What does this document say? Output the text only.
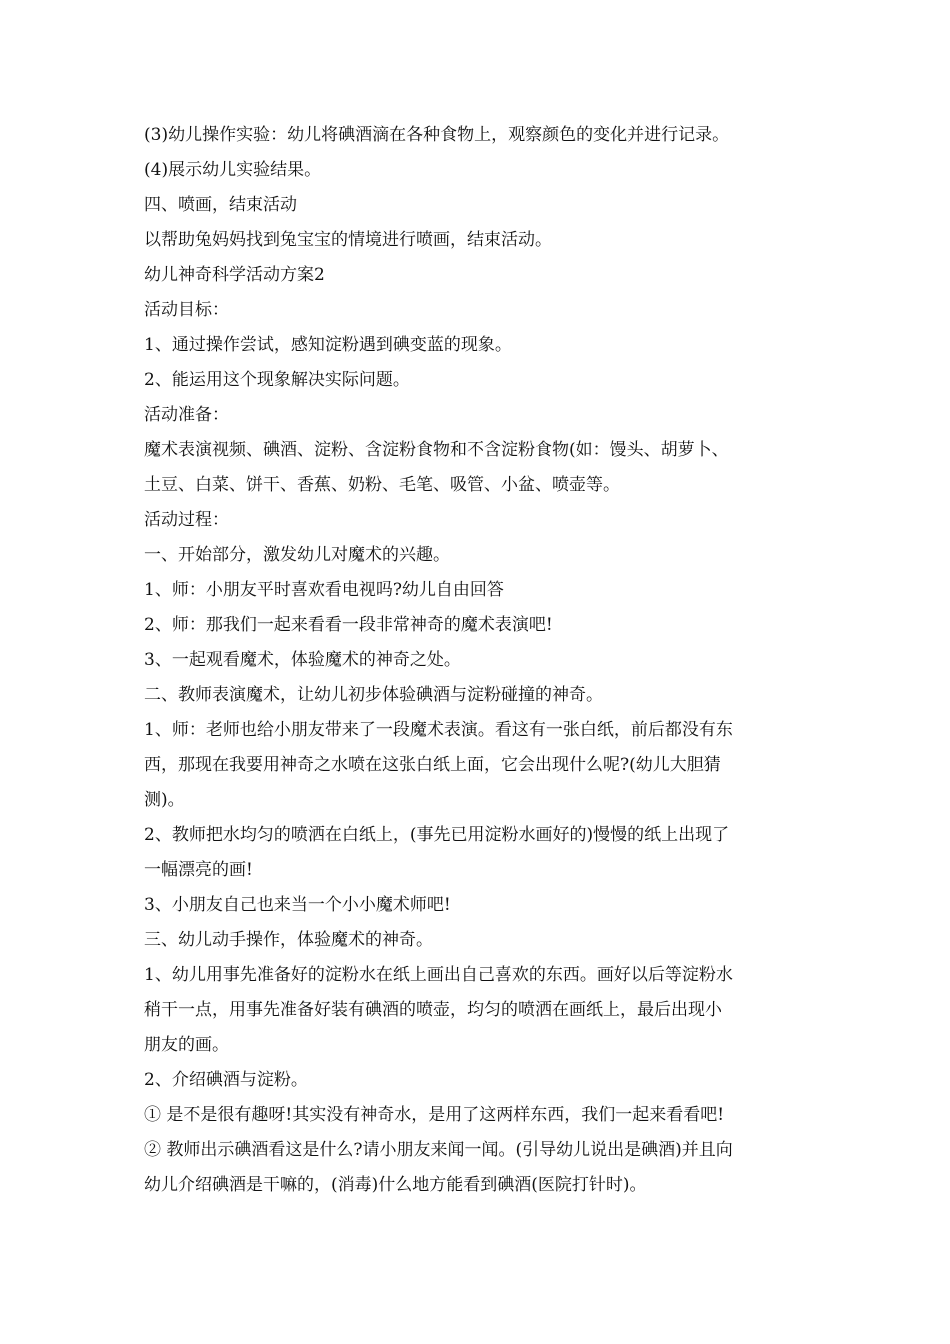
(3)幼儿操作实验：幼儿将碘酒滴在各种食物上，观察颜色的变化并进行记录。
(4)展示幼儿实验结果。
四、喷画，结束活动
以帮助兔妈妈找到兔宝宝的情境进行喷画，结束活动。
幼儿神奇科学活动方案2
活动目标：
1、通过操作尝试，感知淀粉遇到碘变蓝的现象。
2、能运用这个现象解决实际问题。
活动准备：
魔术表演视频、碘酒、淀粉、含淀粉食物和不含淀粉食物(如：馒头、胡萝卜、
土豆、白菜、饼干、香蕉、奶粉、毛笔、吸管、小盆、喷壶等。
活动过程：
一、开始部分，激发幼儿对魔术的兴趣。
1、师：小朋友平时喜欢看电视吗?幼儿自由回答
2、师：那我们一起来看看一段非常神奇的魔术表演吧!
3、一起观看魔术，体验魔术的神奇之处。
二、教师表演魔术，让幼儿初步体验碘酒与淀粉碰撞的神奇。
1、师：老师也给小朋友带来了一段魔术表演。看这有一张白纸，前后都没有东
西，那现在我要用神奇之水喷在这张白纸上面，它会出现什么呢?(幼儿大胆猜
测)。
2、教师把水均匀的喷洒在白纸上，(事先已用淀粉水画好的)慢慢的纸上出现了
一幅漂亮的画!
3、小朋友自己也来当一个小小魔术师吧!
三、幼儿动手操作，体验魔术的神奇。
1、幼儿用事先准备好的淀粉水在纸上画出自己喜欢的东西。画好以后等淀粉水
稍干一点，用事先准备好装有碘酒的喷壶，均匀的喷洒在画纸上，最后出现小
朋友的画。
2、介绍碘酒与淀粉。
① 是不是很有趣呀!其实没有神奇水，是用了这两样东西，我们一起来看看吧!
② 教师出示碘酒看这是什么?请小朋友来闻一闻。(引导幼儿说出是碘酒)并且向
幼儿介绍碘酒是干嘛的，(消毒)什么地方能看到碘酒(医院打针时)。
